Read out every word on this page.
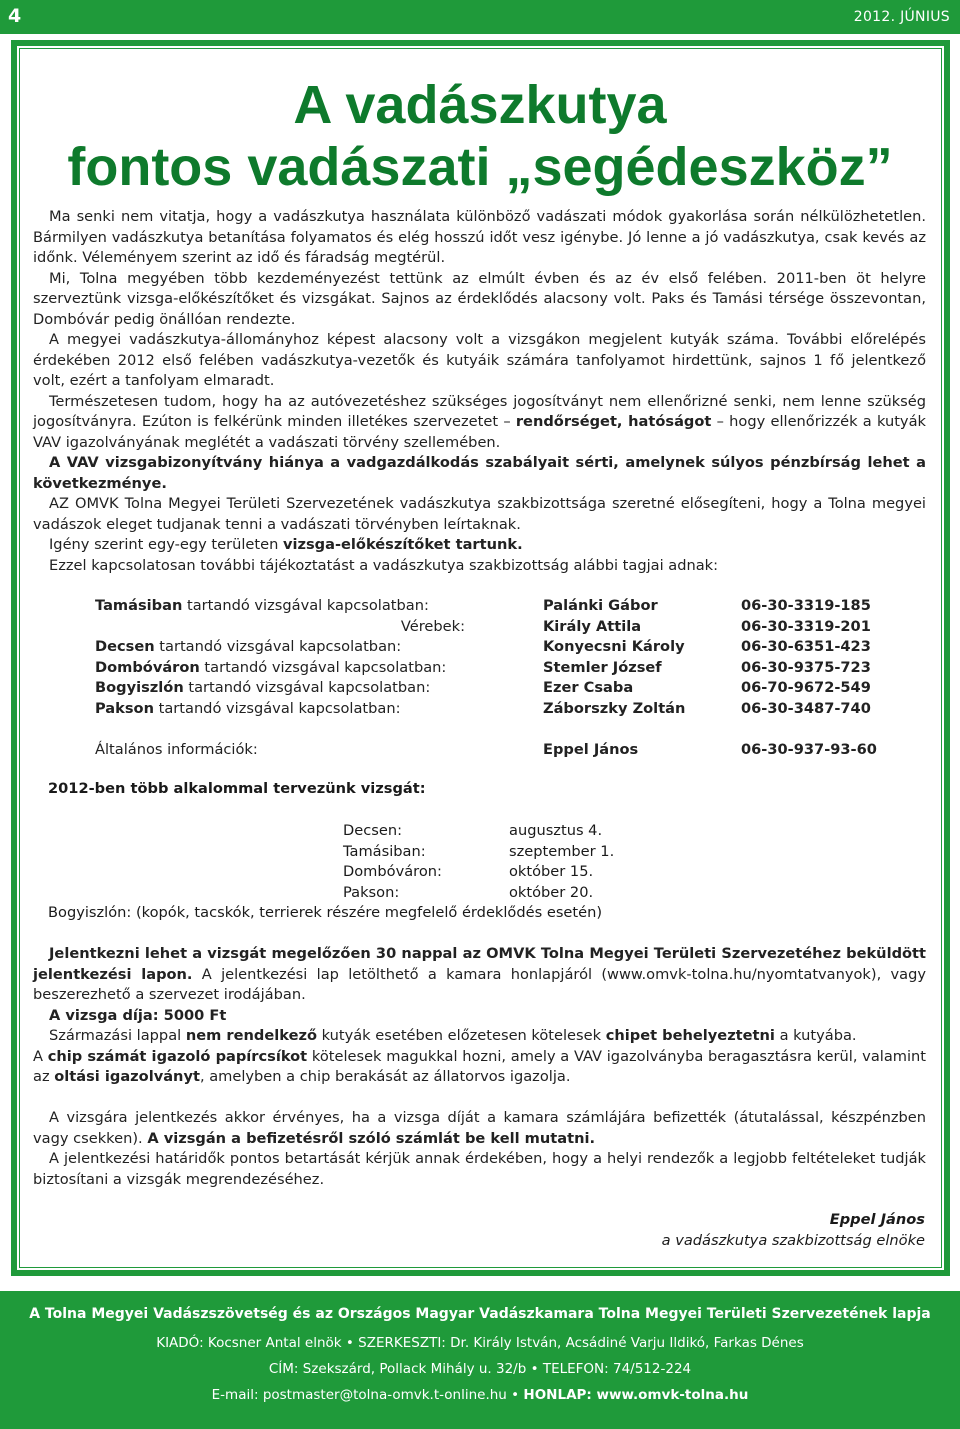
4	2012. JÚNIUS
A vadászkutya
fontos vadászati „segédeszköz”

Ma senki nem vitatja, hogy a vadászkutya használata különböző vadászati módok gyakorlása során nélkülözhetetlen. Bármilyen vadászkutya betanítása folyamatos és elég hosszú időt vesz igénybe. Jó lenne a jó vadászkutya, csak kevés az időnk. Véleményem szerint az idő és fáradság megtérül.

Mi, Tolna megyében több kezdeményezést tettünk az elmúlt évben és az év első felében. 2011-ben öt helyre szerveztünk vizsga-előkészítőket és vizsgákat. Sajnos az érdeklődés alacsony volt. Paks és Tamási térsége összevontan, Dombóvár pedig önállóan rendezte.

A megyei vadászkutya-állományhoz képest alacsony volt a vizsgákon megjelent kutyák száma. További előrelépés érdekében 2012 első felében vadászkutya-vezetők és kutyáik számára tanfolyamot hirdettünk, sajnos 1 fő jelentkező volt, ezért a tanfolyam elmaradt.

Természetesen tudom, hogy ha az autóvezetéshez szükséges jogosítványt nem ellenőrizné senki, nem lenne szükség jogosítványra. Ezúton is felkérünk minden illetékes szervezetet – rendőrséget, hatóságot – hogy ellenőrizzék a kutyák VAV igazolványának meglétét a vadászati törvény szellemében.

A VAV vizsgabizonyítvány hiánya a vadgazdálkodás szabályait sérti, amelynek súlyos pénzbírság lehet a következménye.

AZ OMVK Tolna Megyei Területi Szervezetének vadászkutya szakbizottsága szeretné elősegíteni, hogy a Tolna megyei vadászok eleget tudjanak tenni a vadászati törvényben leírtaknak.

Igény szerint egy-egy területen vizsga-előkészítőket tartunk.

Ezzel kapcsolatosan további tájékoztatást a vadászkutya szakbizottság alábbi tagjai adnak:

Tamásiban tartandó vizsgával kapcsolatban:	Palánki Gábor	06-30-3319-185
Vérebek:	Király Attila	06-30-3319-201
Decsen tartandó vizsgával kapcsolatban:	Konyecsni Károly	06-30-6351-423
Dombóváron tartandó vizsgával kapcsolatban:	Stemler József	06-30-9375-723
Bogyiszlón tartandó vizsgával kapcsolatban:	Ezer Csaba	06-70-9672-549
Pakson tartandó vizsgával kapcsolatban:	Záborszky Zoltán	06-30-3487-740
Általános információk:	Eppel János	06-30-937-93-60
2012-ben több alkalommal tervezünk vizsgát:
Decsen:	augusztus 4.
Tamásiban:	szeptember 1.
Dombóváron:	október 15.
Pakson:	október 20.
Bogyiszlón: (kopók, tacskók, terrierek részére megfelelő érdeklődés esetén)

Jelentkezni lehet a vizsgát megelőzően 30 nappal az OMVK Tolna Megyei Területi Szervezetéhez beküldött jelentkezési lapon. A jelentkezési lap letölthető a kamara honlapjáról (www.omvk-tolna.hu/nyomtatvanyok), vagy beszerezhető a szervezet irodájában.

A vizsga díja: 5000 Ft

Származási lappal nem rendelkező kutyák esetében előzetesen kötelesek chipet behelyeztetni a kutyába.

A chip számát igazoló papírcsíkot kötelesek magukkal hozni, amely a VAV igazolványba beragasztásra kerül, valamint az oltási igazolványt, amelyben a chip berakását az állatorvos igazolja.

A vizsgára jelentkezés akkor érvényes, ha a vizsga díját a kamara számlájára befizették (átutalással, készpénzben vagy csekken). A vizsgán a befizetésről szóló számlát be kell mutatni.

A jelentkezési határidők pontos betartását kérjük annak érdekében, hogy a helyi rendezők a legjobb feltételeket tudják biztosítani a vizsgák megrendezéséhez.

Eppel János
a vadászkutya szakbizottság elnöke
A Tolna Megyei Vadászszövetség és az Országos Magyar Vadászkamara Tolna Megyei Területi Szervezetének lapja
KIADÓ: Kocsner Antal elnök • SZERKESZTI: Dr. Király István, Acsádiné Varju Ildikó, Farkas Dénes
CÍM: Szekszárd, Pollack Mihály u. 32/b • TELEFON: 74/512-224
E-mail: postmaster@tolna-omvk.t-online.hu • HONLAP: www.omvk-tolna.hu
